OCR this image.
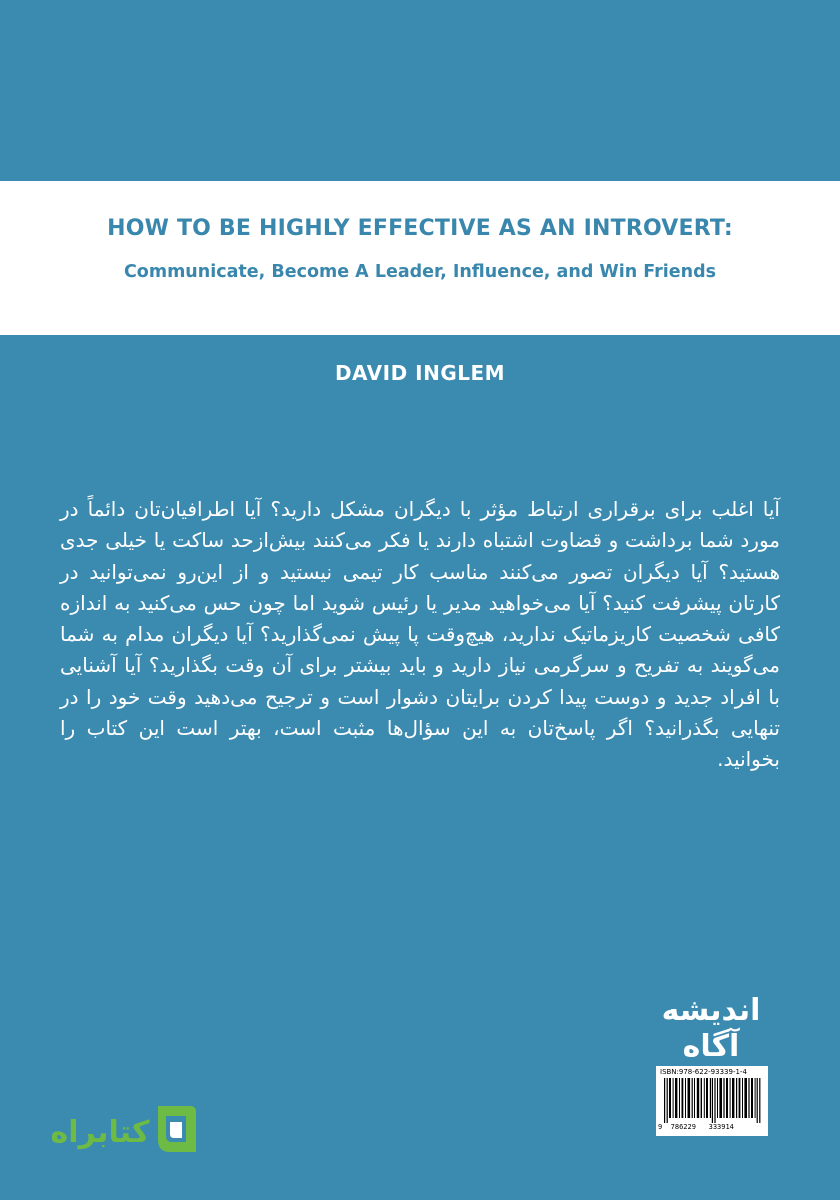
HOW TO BE HIGHLY EFFECTIVE AS AN INTROVERT:
Communicate, Become A Leader, Influence, and Win Friends
DAVID INGLEM
آیا اغلب برای برقراری ارتباط مؤثر با دیگران مشکل دارید؟ آیا اطرافیان‌تان دائماً در مورد شما برداشت و قضاوت اشتباه دارند یا فکر می‌کنند بیش‌ازحد ساکت یا خیلی جدی هستید؟ آیا دیگران تصور می‌کنند مناسب کار تیمی نیستید و از این‌رو نمی‌توانید در کارتان پیشرفت کنید؟ آیا می‌خواهید مدیر یا رئیس شوید اما چون حس می‌کنید به اندازه کافی شخصیت کاریزماتیک ندارید، هیچ‌وقت پا پیش نمی‌گذارید؟ آیا دیگران مدام به شما می‌گویند به تفریح و سرگرمی نیاز دارید و باید بیشتر برای آن وقت بگذارید؟ آیا آشنایی با افراد جدید و دوست پیدا کردن برایتان دشوار است و ترجیح می‌دهید وقت خود را در تنهایی بگذرانید؟ اگر پاسخ‌تان به این سؤال‌ها مثبت است، بهتر است این کتاب را بخوانید.
اندیشه
آگاه
ISBN:978-622-93339-1-4
9 786229 333914
کتابراه
